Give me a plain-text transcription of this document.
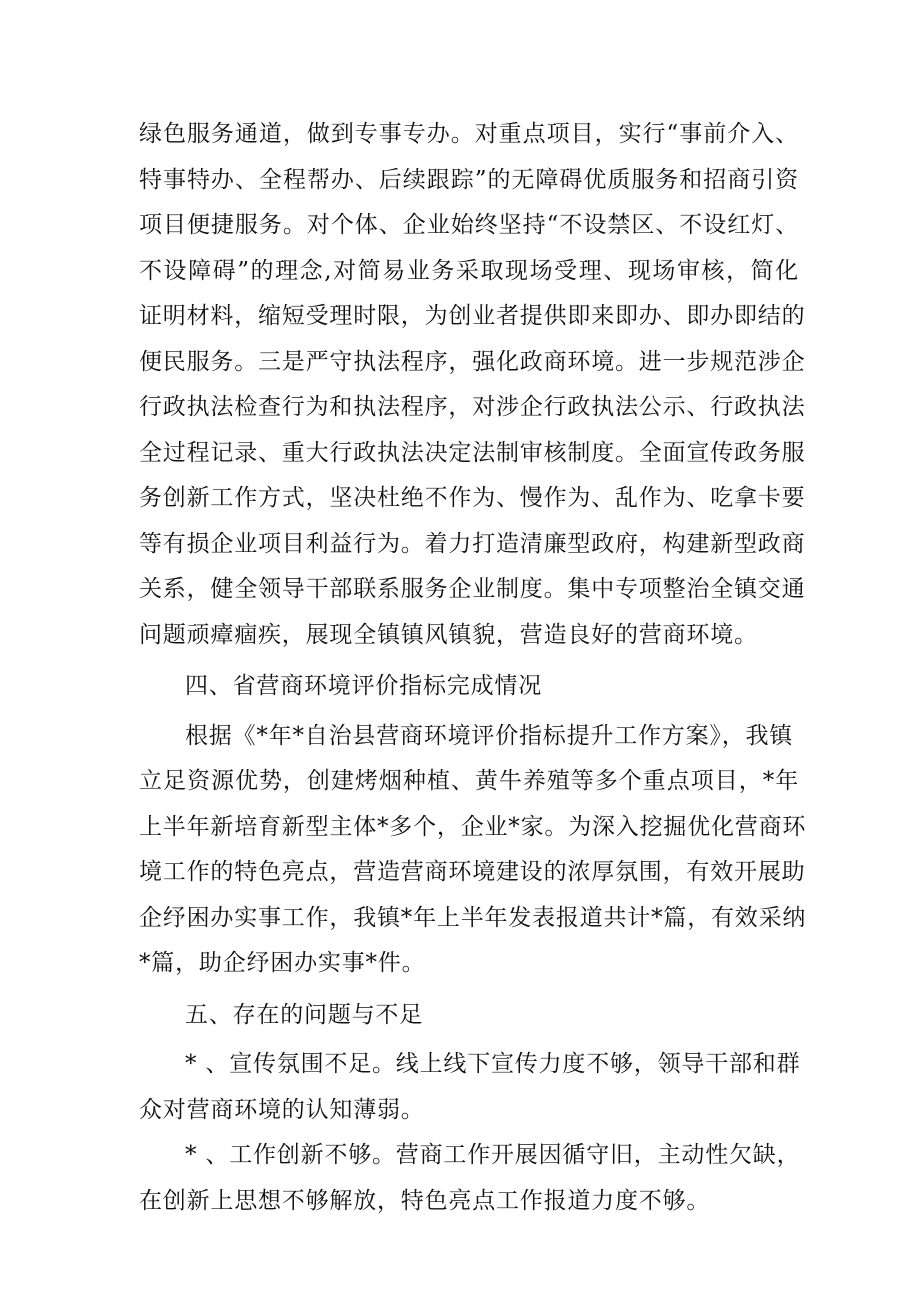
绿色服务通道，做到专事专办。对重点项目，实行“事前介入、
特事特办、全程帮办、后续跟踪”的无障碍优质服务和招商引资
项目便捷服务。对个体、企业始终坚持“不设禁区、不设红灯、
不设障碍”的理念,对简易业务采取现场受理、现场审核，简化
证明材料，缩短受理时限，为创业者提供即来即办、即办即结的
便民服务。三是严守执法程序，强化政商环境。进一步规范涉企
行政执法检查行为和执法程序，对涉企行政执法公示、行政执法
全过程记录、重大行政执法决定法制审核制度。全面宣传政务服
务创新工作方式，坚决杜绝不作为、慢作为、乱作为、吃拿卡要
等有损企业项目利益行为。着力打造清廉型政府，构建新型政商
关系，健全领导干部联系服务企业制度。集中专项整治全镇交通
问题顽瘴痼疾，展现全镇镇风镇貌，营造良好的营商环境。
四、省营商环境评价指标完成情况
根据《*年*自治县营商环境评价指标提升工作方案》，我镇
立足资源优势，创建烤烟种植、黄牛养殖等多个重点项目，*年
上半年新培育新型主体*多个，企业*家。为深入挖掘优化营商环
境工作的特色亮点，营造营商环境建设的浓厚氛围，有效开展助
企纾困办实事工作，我镇*年上半年发表报道共计*篇，有效采纳
*篇，助企纾困办实事*件。
五、存在的问题与不足
* 、宣传氛围不足。线上线下宣传力度不够，领导干部和群
众对营商环境的认知薄弱。
* 、工作创新不够。营商工作开展因循守旧，主动性欠缺，
在创新上思想不够解放，特色亮点工作报道力度不够。
